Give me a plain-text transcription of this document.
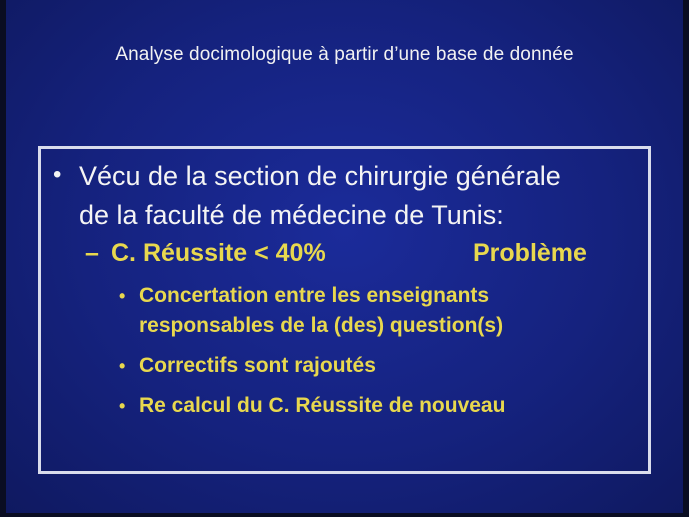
Analyse docimologique à partir d’une base de donnée
• Vécu de la section de chirurgie générale
de la faculté de médecine de Tunis:
– C. Réussite < 40%	Problème
• Concertation entre les enseignants
responsables de la (des) question(s)
• Correctifs sont rajoutés
• Re calcul du C. Réussite de nouveau
